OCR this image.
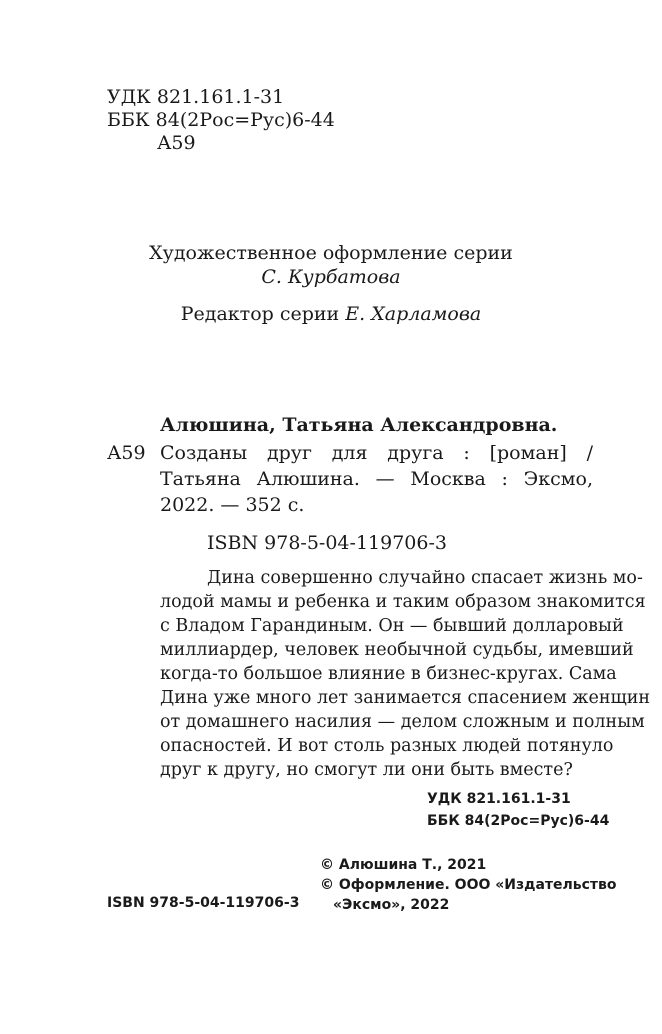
УДК 821.161.1-31
ББК 84(2Рос=Рус)6-44
А59
Художественное оформление серии
С. Курбатова
Редактор серии Е. Харламова
Алюшина, Татьяна Александровна.
А59 Созданы друг для друга : [роман] /
Татьяна Алюшина. — Москва : Эксмо,
2022. — 352 с.
ISBN 978-5-04-119706-3
Дина совершенно случайно спасает жизнь мо-
лодой мамы и ребенка и таким образом знакомится
с Владом Гарандиным. Он — бывший долларовый
миллиардер, человек необычной судьбы, имевший
когда-то большое влияние в бизнес-кругах. Сама
Дина уже много лет занимается спасением женщин
от домашнего насилия — делом сложным и полным
опасностей. И вот столь разных людей потянуло
друг к другу, но смогут ли они быть вместе?
УДК 821.161.1-31
ББК 84(2Рос=Рус)6-44
© Алюшина Т., 2021
© Оформление. ООО «Издательство
ISBN 978-5-04-119706-3 «Эксмо», 2022
